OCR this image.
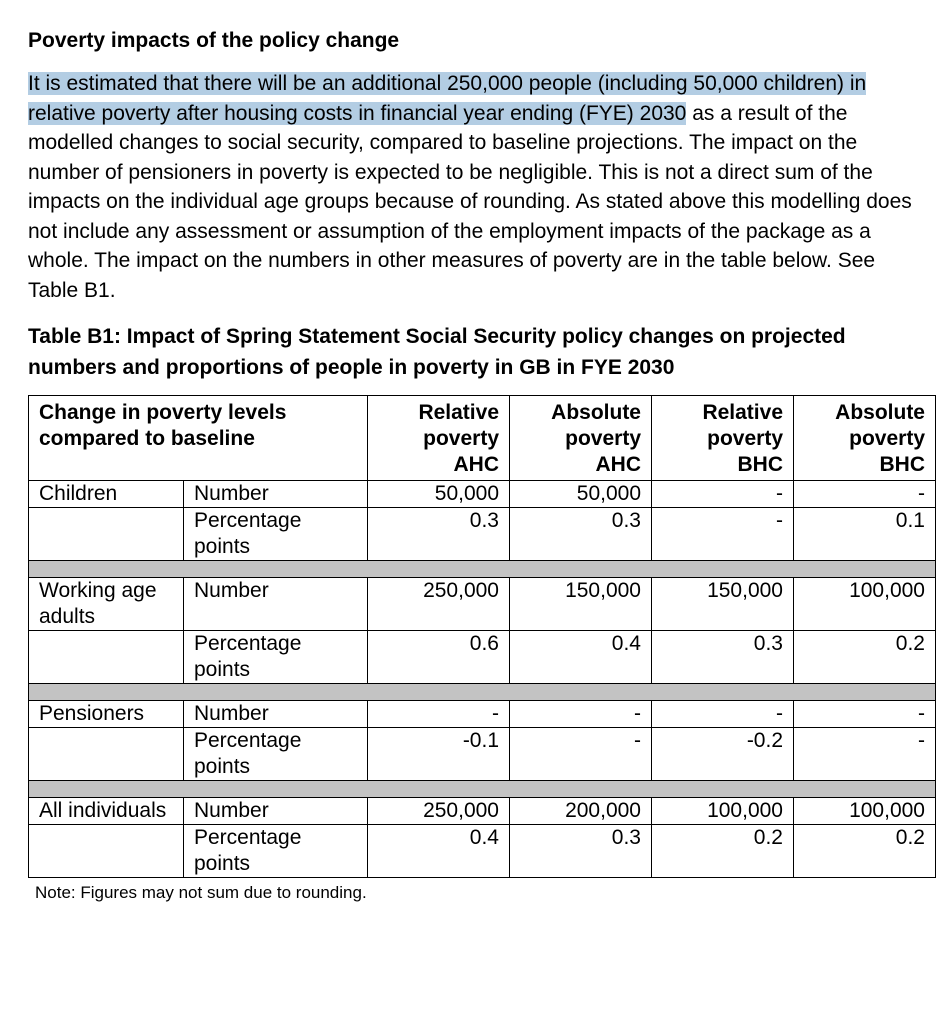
Poverty impacts of the policy change

It is estimated that there will be an additional 250,000 people (including 50,000 children) in relative poverty after housing costs in financial year ending (FYE) 2030 as a result of the modelled changes to social security, compared to baseline projections. The impact on the number of pensioners in poverty is expected to be negligible. This is not a direct sum of the impacts on the individual age groups because of rounding. As stated above this modelling does not include any assessment or assumption of the employment impacts of the package as a whole. The impact on the numbers in other measures of poverty are in the table below. See Table B1.

Table B1: Impact of Spring Statement Social Security policy changes on projected numbers and proportions of people in poverty in GB in FYE 2030
Change in poverty levels compared to baseline		Relative poverty AHC	Absolute poverty AHC	Relative poverty BHC	Absolute poverty BHC
Children	Number	50,000	50,000	-	-
	Percentage points	0.3	0.3	-	0.1

Working age adults	Number	250,000	150,000	150,000	100,000
	Percentage points	0.6	0.4	0.3	0.2

Pensioners	Number	-	-	-	-
	Percentage points	-0.1	-	-0.2	-

All individuals	Number	250,000	200,000	100,000	100,000
	Percentage points	0.4	0.3	0.2	0.2
Note: Figures may not sum due to rounding.
